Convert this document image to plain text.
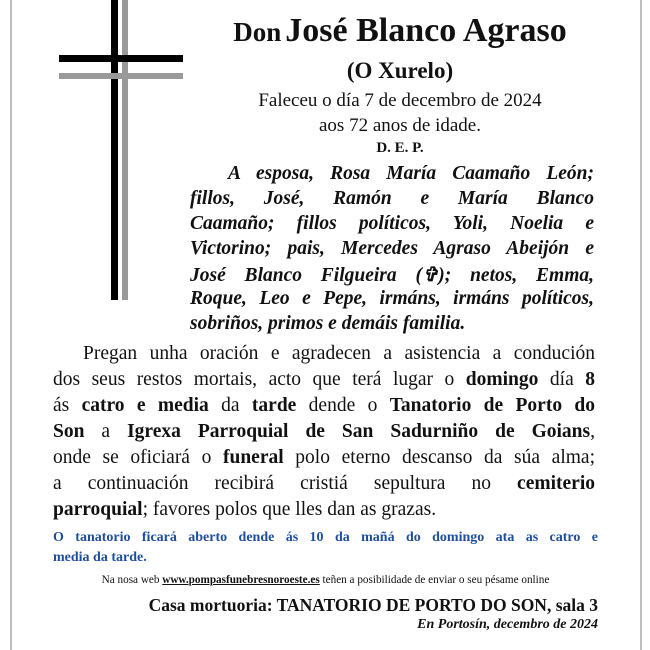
Don José Blanco Agraso
(O Xurelo)
Faleceu o día 7 de decembro de 2024
aos 72 anos de idade.
D. E. P.
A esposa, Rosa María Caamaño León;
fillos, José, Ramón e María Blanco
Caamaño; fillos políticos, Yoli, Noelia e
Victorino; pais, Mercedes Agraso Abeijón e
José Blanco Filgueira (✞); netos, Emma,
Roque, Leo e Pepe, irmáns, irmáns políticos,
sobriños, primos e demáis familia.
Pregan unha oración e agradecen a asistencia a condución
dos seus restos mortais, acto que terá lugar o domingo día 8
ás catro e media da tarde dende o Tanatorio de Porto do
Son a Igrexa Parroquial de San Sadurniño de Goians,
onde se oficiará o funeral polo eterno descanso da súa alma;
a continuación recibirá cristiá sepultura no cemiterio
parroquial; favores polos que lles dan as grazas.
O tanatorio ficará aberto dende ás 10 da mañá do domingo ata as catro e
media da tarde.
Na nosa web www.pompasfunebresnoroeste.es teñen a posibilidade de enviar o seu pésame online
Casa mortuoria: TANATORIO DE PORTO DO SON, sala 3
En Portosín, decembro de 2024
